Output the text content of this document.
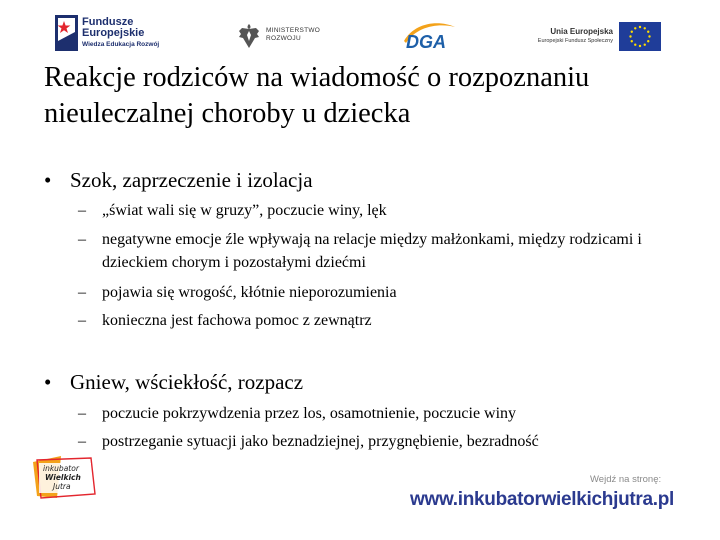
Fundusze
Europejskie
Wiedza Edukacja Rozwój
MINISTERSTWO
ROZWOJU	DGA
Unia Europejska
Europejski Fundusz Społeczny
Reakcje rodziców na wiadomość o rozpoznaniu nieuleczalnej choroby u dziecka
• Szok, zaprzeczenie i izolacja
– „świat wali się w gruzy”, poczucie winy, lęk
– negatywne emocje źle wpływają na relacje między małżonkami, między rodzicami i dzieckiem chorym i pozostałymi dziećmi
– pojawia się wrogość, kłótnie nieporozumienia
– konieczna jest fachowa pomoc z zewnątrz
• Gniew, wściekłość, rozpacz
– poczucie pokrzywdzenia przez los, osamotnienie, poczucie winy
– postrzeganie sytuacji jako beznadziejnej, przygnębienie, bezradność
inkubator
Wielkich
Jutra
Wejdź na stronę:
www.inkubatorwielkichjutra.pl
